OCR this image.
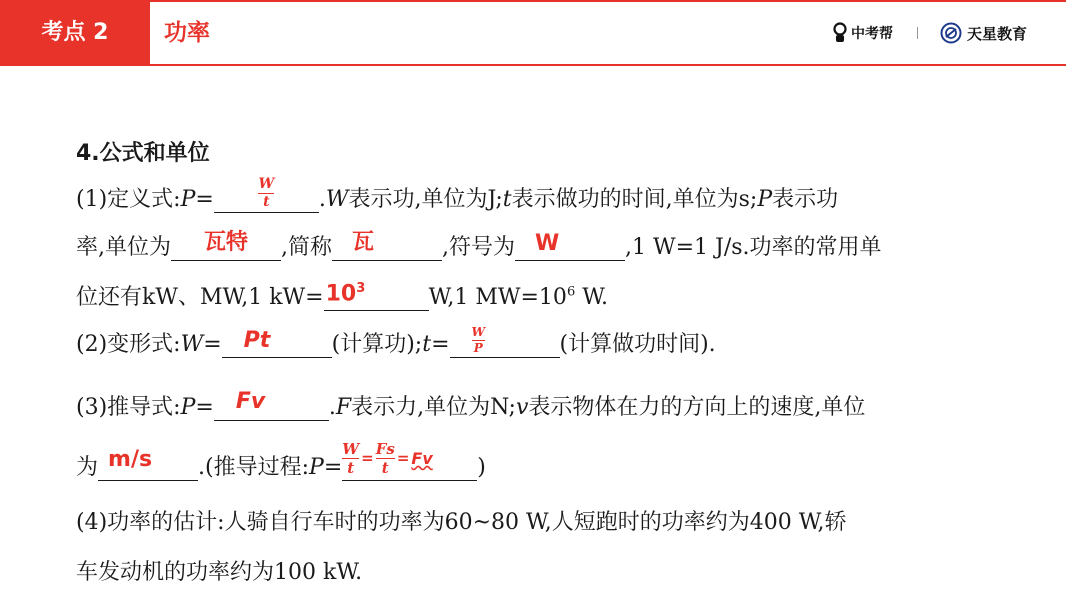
考点 2	功率	中考帮	天星教育
4.公式和单位
(1)定义式:P=	$\frac{W}{t} .W$表示功,单位为J;t表示做功的时间,单位为s;P表示功
率,单位为	瓦特	,简称 瓦	,符号为 W	,1 W=1 J/s.功率的常用单
位还有kW、MW,1 $kW= 10^3$	W,1 $MW=10^6$ W.
(2)变形式:W=	Pt	(计算功);t= $\frac{W}{P}$	(计算做功时间).
(3)推导式:P=	Fv	.F表示力,单位为N;v表示物体在力的方向上的速度,单位
为 m/s	.(推导过程:P= $\frac{W}{t} = \frac{Fs}{t} = Fv$ )
(4)功率的估计:人骑自行车时的功率为60~80 W,人短跑时的功率约为400 W,轿
车发动机的功率约为100 kW.
